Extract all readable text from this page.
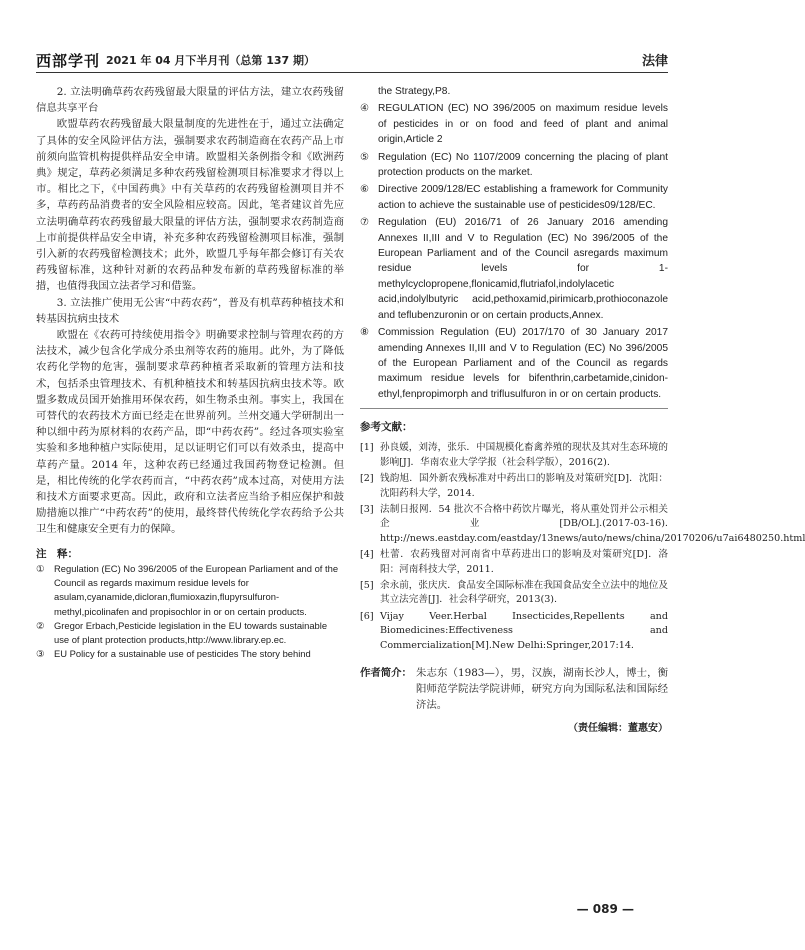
西部学刊 2021 年 04 月下半月刊（总第 137 期）	法律

2. 立法明确草药农药残留最大限量的评估方法，建立农药残留信息共享平台

欧盟草药农药残留最大限量制度的先进性在于，通过立法确定了具体的安全风险评估方法，强制要求农药制造商在农药产品上市前须向监管机构提供样品安全申请。欧盟相关条例指令和《欧洲药典》规定，草药必须满足多种农药残留检测项目标准要求才得以上市。相比之下，《中国药典》中有关草药的农药残留检测项目并不多，草药药品消费者的安全风险相应较高。因此，笔者建议首先应立法明确草药农药残留最大限量的评估方法，强制要求农药制造商上市前提供样品安全申请，补充多种农药残留检测项目标准，强制引入新的农药残留检测技术；此外，欧盟几乎每年都会修订有关农药残留标准，这种针对新的农药品种发布新的草药残留标准的举措，也值得我国立法者学习和借鉴。

3. 立法推广使用无公害“中药农药”，普及有机草药种植技术和转基因抗病虫技术

欧盟在《农药可持续使用指令》明确要求控制与管理农药的方法技术，减少包含化学成分杀虫剂等农药的施用。此外，为了降低农药化学物的危害，强制要求草药种植者采取新的管理方法和技术，包括杀虫管理技术、有机种植技术和转基因抗病虫技术等。欧盟多数成员国开始推用环保农药，如生物杀虫剂。事实上，我国在可替代的农药技术方面已经走在世界前列。兰州交通大学研制出一种以细中药为原材料的农药产品，即“中药农药”。经过各项实验室实验和多地种植户实际使用，足以证明它们可以有效杀虫，提高中草药产量。2014 年，这种农药已经通过我国药物登记检测。但是，相比传统的化学农药而言，“中药农药”成本过高，对使用方法和技术方面要求更高。因此，政府和立法者应当给予相应保护和鼓励措施以推广“中药农药”的使用，最终替代传统化学农药给予公共卫生和健康安全更有力的保障。

注　释：
① Regulation (EC) No 396/2005 of the European Parliament and of the Council as regards maximum residue levels for asulam,cyanamide,dicloran,flumioxazin,flupyrsulfuron-methyl,picolinafen and propisochlor in or on certain products.
② Gregor Erbach,Pesticide legislation in the EU towards sustainable use of plant protection products,http://www.library.ep.ec.
③ EU Policy for a sustainable use of pesticides The story behind
the Strategy,P8.
④ REGULATION (EC) NO 396/2005 on maximum residue levels of pesticides in or on food and feed of plant and animal origin,Article 2
⑤ Regulation (EC) No 1107/2009 concerning the placing of plant protection products on the market.
⑥ Directive 2009/128/EC establishing a framework for Community action to achieve the sustainable use of pesticides09/128/EC.
⑦ Regulation (EU) 2016/71 of 26 January 2016 amending Annexes II,III and V to Regulation (EC) No 396/2005 of the European Parliament and of the Council asregards maximum residue levels for 1-methylcyclopropene,flonicamid,flutriafol,indolylacetic acid,indolylbutyric acid,pethoxamid,pirimicarb,prothioconazole and teflubenzuronin or on certain products,Annex.
⑧ Commission Regulation (EU) 2017/170 of 30 January 2017 amending Annexes II,III and V to Regulation (EC) No 396/2005 of the European Parliament and of the Council as regards maximum residue levels for bifenthrin,carbetamide,cinidon-ethyl,fenpropimorph and triflusulfuron in or on certain products.
参考文献：
[1] 孙良媛，刘涛，张乐．中国规模化畜禽养殖的现状及其对生态环境的影响[J]．华南农业大学学报（社会科学版），2016(2).
[2] 钱韵旭．国外新农残标准对中药出口的影响及对策研究[D]．沈阳：沈阳药科大学，2014.
[3] 法制日报网．54 批次不合格中药饮片曝光，将从重处罚并公示相关企业[DB/OL].(2017-03-16). http://news.eastday.com/eastday/13news/auto/news/china/20170206/u7ai6480250.html
[4] 杜蕾．农药残留对河南省中草药进出口的影响及对策研究[D]．洛阳：河南科技大学，2011.
[5] 余永前，张庆庆．食品安全国际标准在我国食品安全立法中的地位及其立法完善[J]．社会科学研究，2013(3).
[6] Vijay Veer.Herbal Insecticides,Repellents and Biomedicines:Effectiveness and Commercialization[M].New Delhi:Springer,2017:14.
作者简介： 朱志东（1983—），男，汉族，湖南长沙人，博士，衡阳师范学院法学院讲师，研究方向为国际私法和国际经济法。
（责任编辑：董惠安）
— 089 —
